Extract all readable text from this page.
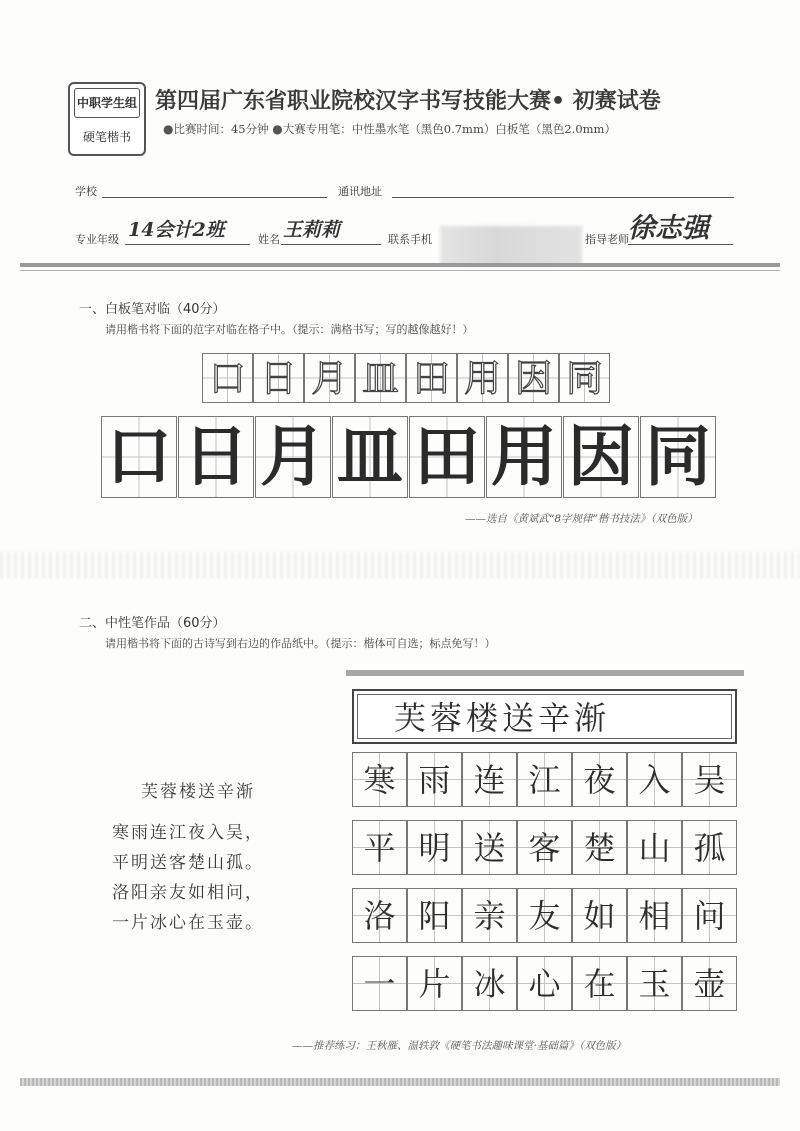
中职学生组
硬笔楷书
第四届广东省职业院校汉字书写技能大赛• 初赛试卷
●比赛时间：45分钟 ●大赛专用笔：中性墨水笔（黑色0.7mm）白板笔（黑色2.0mm）
学校	通讯地址
专业年级 14会计2班	姓名 王莉莉	联系手机	指导老师 徐志强
一、白板笔对临（40分）
请用楷书将下面的范字对临在格子中。（提示：满格书写；写的越像越好！）
口 日 月 皿 田 用 因 同
口 日 月 皿 田 用 因 同
——选自《黄斌武“8字规律”楷书技法》（双色版）
二、中性笔作品（60分）
请用楷书将下面的古诗写到右边的作品纸中。（提示：楷体可自选；标点免写！）
芙蓉楼送辛渐
寒雨连江夜入吴，
平明送客楚山孤。
洛阳亲友如相问，
一片冰心在玉壶。
芙蓉楼送辛渐
寒 雨 连 江 夜 入 吴
平 明 送 客 楚 山 孤
洛 阳 亲 友 如 相 问
一 片 冰 心 在 玉 壶
——推荐练习：王秋雁、温轶敦《硬笔书法趣味课堂·基础篇》（双色版）
